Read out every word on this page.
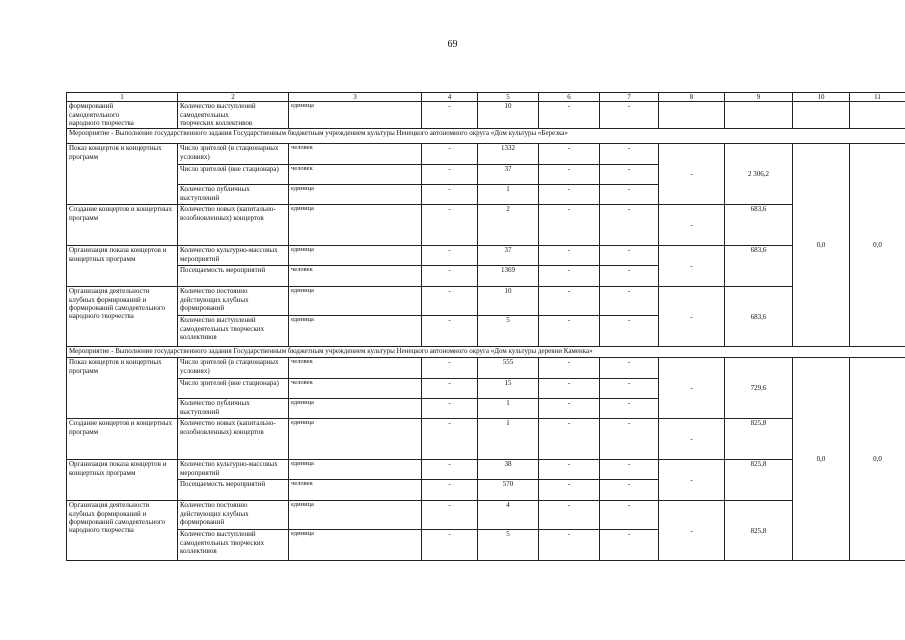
69
1	2	3	4	5	6	7	8	9	10	11
формирований
самодеятельного
народного творчества	Количество выступлений
самодеятельных
творческих коллективов	единица	-	10	-	-				
Мероприятие - Выполнение государственного задания Государственным бюджетным учреждением культуры Ненецкого автономного округа «Дом культуры «Березка»										
Показ концертов и концертных программ	Число зрителей (в стационарных условиях)	человек	-	1332	-	-	-	2 306,2	0,0	0,0
	Число зрителей (вне стационара)	человек	-	37	-	-				
	Количество публичных выступлений	единица	-	1	-	-				
Создание концертов и концертных программ	Количество новых (капитально-возобновленных) концертов	единица	-	2	-	-	-	683,6		
Организация показа концертов и концертных программ	Количество культурно-массовых мероприятий	единица	-	37	-	-	-	683,6		
	Посещаемость мероприятий	человек	-	1369	-	-				
Организация деятельности клубных формирований и формирований самодеятельного народного творчества	Количество постоянно действующих клубных формирований	единица	-	10	-	-	-	683,6		
	Количество выступлений самодеятельных творческих коллективов	единица	-	5	-	-				
Мероприятие - Выполнение государственного задания Государственным бюджетным учреждением культуры Ненецкого автономного округа «Дом культуры деревни Каменка»										
Показ концертов и концертных программ	Число зрителей (в стационарных условиях)	человек	-	555	-	-	-	729,6	0,0	0,0
	Число зрителей (вне стационара)	человек	-	15	-	-				
	Количество публичных выступлений	единица	-	1	-	-				
Создание концертов и концертных программ	Количество новых (капитально-возобновленных) концертов	единица	-	1	-	-	-	825,8		
Организация показа концертов и концертных программ	Количество культурно-массовых мероприятий	единица	-	38	-	-	-	825,8		
	Посещаемость мероприятий	человек	-	570	-	-				
Организация деятельности клубных формирований и формирований самодеятельного народного творчества	Количество постоянно действующих клубных формирований	единица	-	4	-	-	-	825,8		
	Количество выступлений самодеятельных творческих коллективов	единица	-	5	-	-				
